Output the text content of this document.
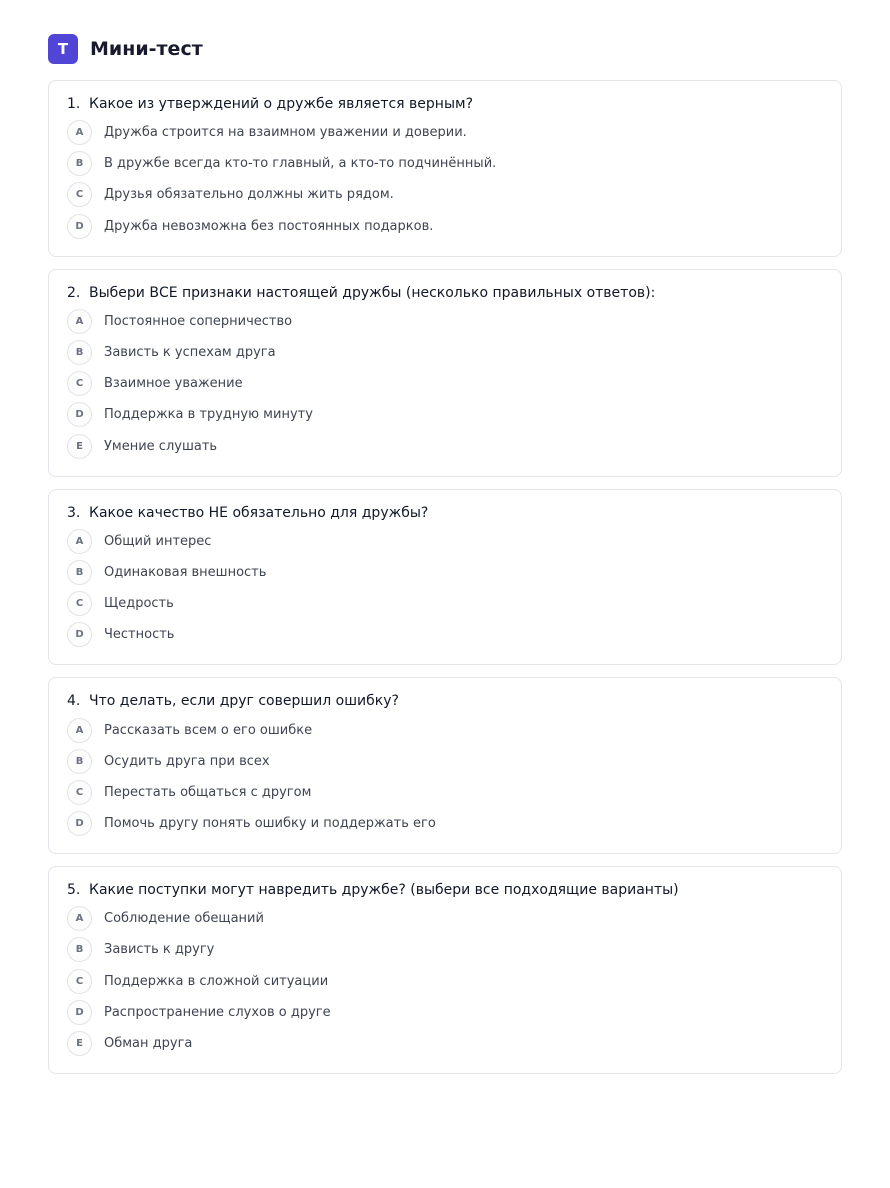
T	Мини-тест
1. Какое из утверждений о дружбе является верным?
A	Дружба строится на взаимном уважении и доверии.
B	В дружбе всегда кто-то главный, а кто-то подчинённый.
C	Друзья обязательно должны жить рядом.
D	Дружба невозможна без постоянных подарков.
2. Выбери ВСЕ признаки настоящей дружбы (несколько правильных ответов):
A	Постоянное соперничество
B	Зависть к успехам друга
C	Взаимное уважение
D	Поддержка в трудную минуту
E	Умение слушать
3. Какое качество НЕ обязательно для дружбы?
A	Общий интерес
B	Одинаковая внешность
C	Щедрость
D	Честность
4. Что делать, если друг совершил ошибку?
A	Рассказать всем о его ошибке
B	Осудить друга при всех
C	Перестать общаться с другом
D	Помочь другу понять ошибку и поддержать его
5. Какие поступки могут навредить дружбе? (выбери все подходящие варианты)
A	Соблюдение обещаний
B	Зависть к другу
C	Поддержка в сложной ситуации
D	Распространение слухов о друге
E	Обман друга
